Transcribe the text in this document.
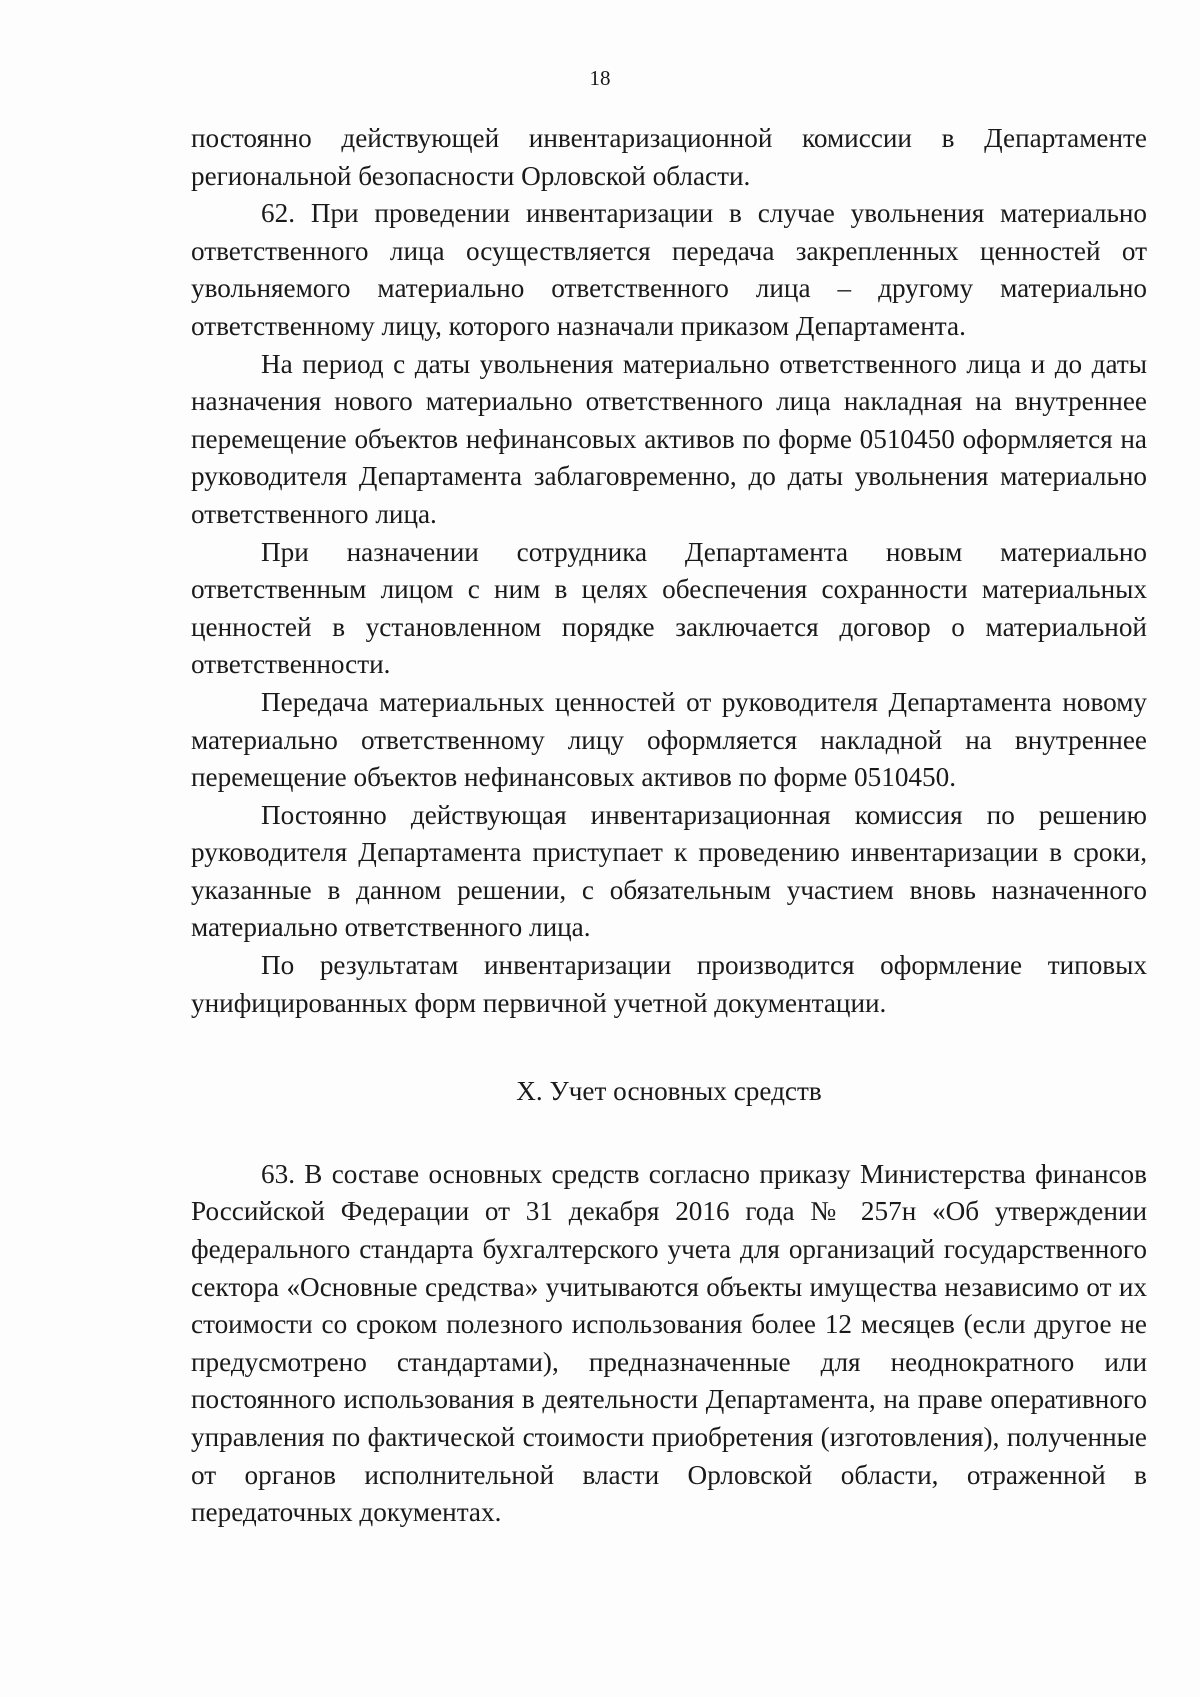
18

постоянно действующей инвентаризационной комиссии в Департаменте региональной безопасности Орловской области.

62. При проведении инвентаризации в случае увольнения материально ответственного лица осуществляется передача закрепленных ценностей от увольняемого материально ответственного лица – другому материально ответственному лицу, которого назначали приказом Департамента.

На период с даты увольнения материально ответственного лица и до даты назначения нового материально ответственного лица накладная на внутреннее перемещение объектов нефинансовых активов по форме 0510450 оформляется на руководителя Департамента заблаговременно, до даты увольнения материально ответственного лица.

При назначении сотрудника Департамента новым материально ответственным лицом с ним в целях обеспечения сохранности материальных ценностей в установленном порядке заключается договор о материальной ответственности.

Передача материальных ценностей от руководителя Департамента новому материально ответственному лицу оформляется накладной на внутреннее перемещение объектов нефинансовых активов по форме 0510450.

Постоянно действующая инвентаризационная комиссия по решению руководителя Департамента приступает к проведению инвентаризации в сроки, указанные в данном решении, с обязательным участием вновь назначенного материально ответственного лица.

По результатам инвентаризации производится оформление типовых унифицированных форм первичной учетной документации.

X. Учет основных средств

63. В составе основных средств согласно приказу Министерства финансов Российской Федерации от 31 декабря 2016 года № 257н «Об утверждении федерального стандарта бухгалтерского учета для организаций государственного сектора «Основные средства» учитываются объекты имущества независимо от их стоимости со сроком полезного использования более 12 месяцев (если другое не предусмотрено стандартами), предназначенные для неоднократного или постоянного использования в деятельности Департамента, на праве оперативного управления по фактической стоимости приобретения (изготовления), полученные от органов исполнительной власти Орловской области, отраженной в передаточных документах.
